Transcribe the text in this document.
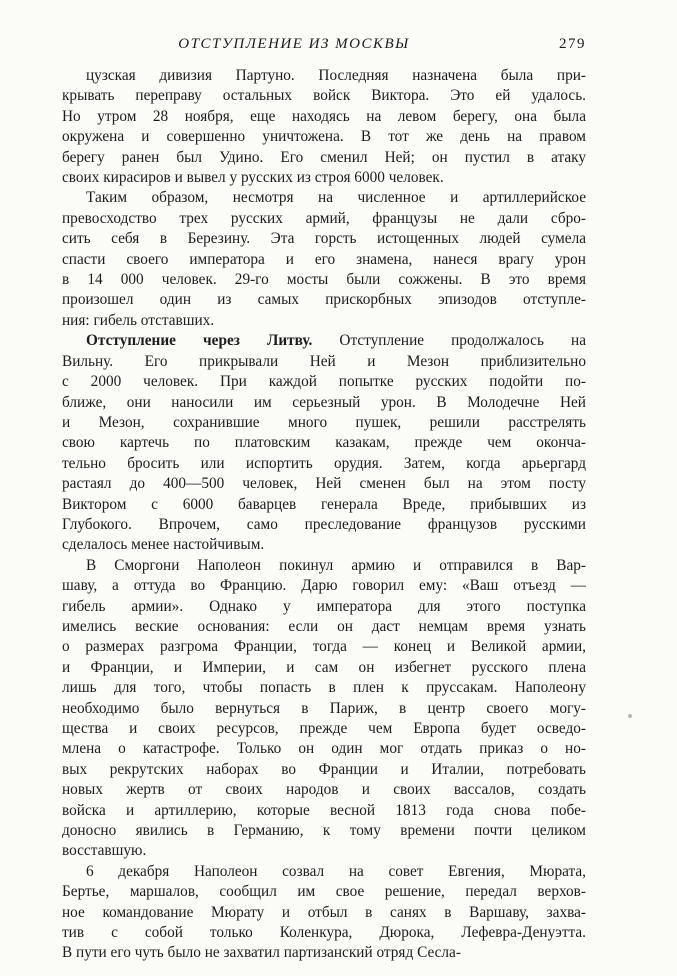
ОТСТУПЛЕНИЕ ИЗ МОСКВЫ	279
цузская дивизия Партуно. Последняя назначена была при-
крывать переправу остальных войск Виктора. Это ей удалось.
Но утром 28 ноября, еще находясь на левом берегу, она была
окружена и совершенно уничтожена. В тот же день на правом
берегу ранен был Удино. Его сменил Ней; он пустил в атаку
своих кирасиров и вывел у русских из строя 6000 человек.
Таким образом, несмотря на численное и артиллерийское
превосходство трех русских армий, французы не дали сбро-
сить себя в Березину. Эта горсть истощенных людей сумела
спасти своего императора и его знамена, нанеся врагу урон
в 14 000 человек. 29-го мосты были сожжены. В это время
произошел один из самых прискорбных эпизодов отступле-
ния: гибель отставших.
Отступление через Литву. Отступление продолжалось на
Вильну. Его прикрывали Ней и Мезон приблизительно
с 2000 человек. При каждой попытке русских подойти по-
ближе, они наносили им серьезный урон. В Молодечне Ней
и Мезон, сохранившие много пушек, решили расстрелять
свою картечь по платовским казакам, прежде чем оконча-
тельно бросить или испортить орудия. Затем, когда арьергард
растаял до 400—500 человек, Ней сменен был на этом посту
Виктором с 6000 баварцев генерала Вреде, прибывших из
Глубокого. Впрочем, само преследование французов русскими
сделалось менее настойчивым.
В Сморгони Наполеон покинул армию и отправился в Вар-
шаву, а оттуда во Францию. Дарю говорил ему: «Ваш отъезд —
гибель армии». Однако у императора для этого поступка
имелись веские основания: если он даст немцам время узнать
о размерах разгрома Франции, тогда — конец и Великой армии,
и Франции, и Империи, и сам он избегнет русского плена
лишь для того, чтобы попасть в плен к пруссакам. Наполеону
необходимо было вернуться в Париж, в центр своего могу-
щества и своих ресурсов, прежде чем Европа будет осведо-
млена о катастрофе. Только он один мог отдать приказ о но-
вых рекрутских наборах во Франции и Италии, потребовать
новых жертв от своих народов и своих вассалов, создать
войска и артиллерию, которые весной 1813 года снова побе-
доносно явились в Германию, к тому времени почти целиком
восставшую.
6 декабря Наполеон созвал на совет Евгения, Мюрата,
Бертье, маршалов, сообщил им свое решение, передал верхов-
ное командование Мюрату и отбыл в санях в Варшаву, захва-
тив с собой только Коленкура, Дюрока, Лефевра-Денуэтта.
В пути его чуть было не захватил партизанский отряд Сесла-
